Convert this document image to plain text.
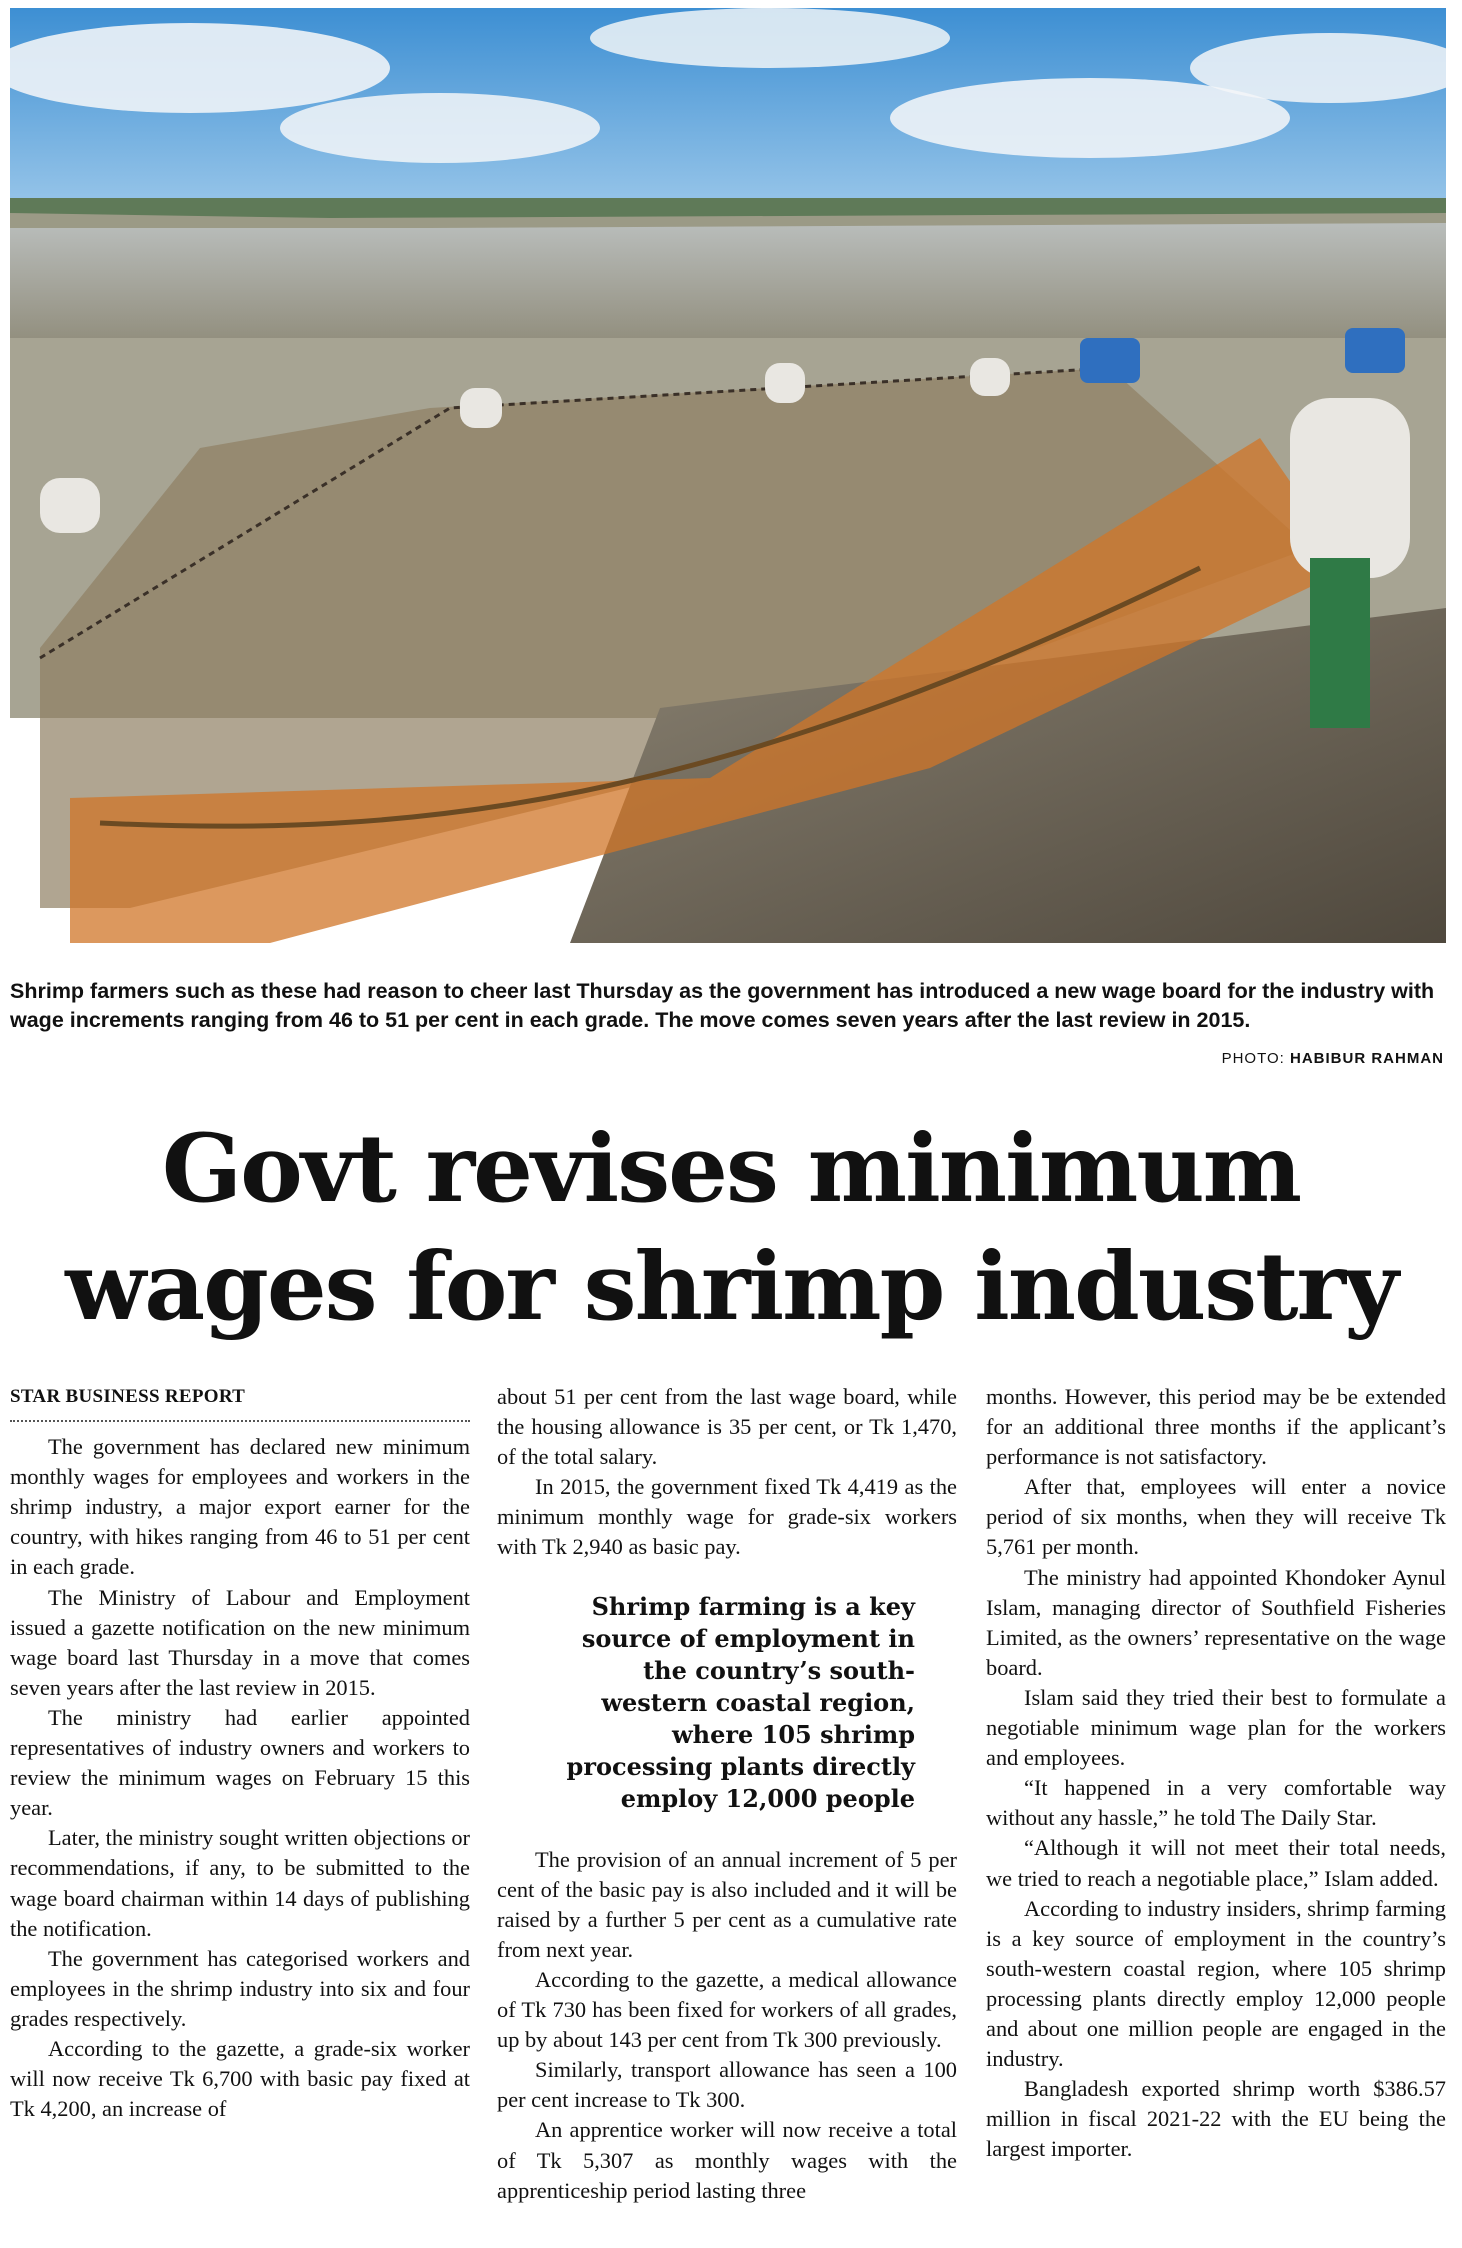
Shrimp farmers such as these had reason to cheer last Thursday as the government has introduced a new wage board for the industry with wage increments ranging from 46 to 51 per cent in each grade. The move comes seven years after the last review in 2015.
PHOTO: HABIBUR RAHMAN
Govt revises minimum
wages for shrimp industry
STAR BUSINESS REPORT

The government has declared new minimum monthly wages for employees and workers in the shrimp industry, a major export earner for the country, with hikes ranging from 46 to 51 per cent in each grade.

The Ministry of Labour and Employment issued a gazette notification on the new minimum wage board last Thursday in a move that comes seven years after the last review in 2015.

The ministry had earlier appointed representatives of industry owners and workers to review the minimum wages on February 15 this year.

Later, the ministry sought written objections or recommendations, if any, to be submitted to the wage board chairman within 14 days of publishing the notification.

The government has categorised workers and employees in the shrimp industry into six and four grades respectively.

According to the gazette, a grade-six worker will now receive Tk 6,700 with basic pay fixed at Tk 4,200, an increase of

about 51 per cent from the last wage board, while the housing allowance is 35 per cent, or Tk 1,470, of the total salary.

In 2015, the government fixed Tk 4,419 as the minimum monthly wage for grade-six workers with Tk 2,940 as basic pay.

Shrimp farming is a key source of employment in the country’s south-western coastal region, where 105 shrimp processing plants directly employ 12,000 people

The provision of an annual increment of 5 per cent of the basic pay is also included and it will be raised by a further 5 per cent as a cumulative rate from next year.

According to the gazette, a medical allowance of Tk 730 has been fixed for workers of all grades, up by about 143 per cent from Tk 300 previously.

Similarly, transport allowance has seen a 100 per cent increase to Tk 300.

An apprentice worker will now receive a total of Tk 5,307 as monthly wages with the apprenticeship period lasting three

months. However, this period may be be extended for an additional three months if the applicant’s performance is not satisfactory.

After that, employees will enter a novice period of six months, when they will receive Tk 5,761 per month.

The ministry had appointed Khondoker Aynul Islam, managing director of Southfield Fisheries Limited, as the owners’ representative on the wage board.

Islam said they tried their best to formulate a negotiable minimum wage plan for the workers and employees.

“It happened in a very comfortable way without any hassle,” he told The Daily Star.

“Although it will not meet their total needs, we tried to reach a negotiable place,” Islam added.

According to industry insiders, shrimp farming is a key source of employment in the country’s south-western coastal region, where 105 shrimp processing plants directly employ 12,000 people and about one million people are engaged in the industry.

Bangladesh exported shrimp worth $386.57 million in fiscal 2021-22 with the EU being the largest importer.
